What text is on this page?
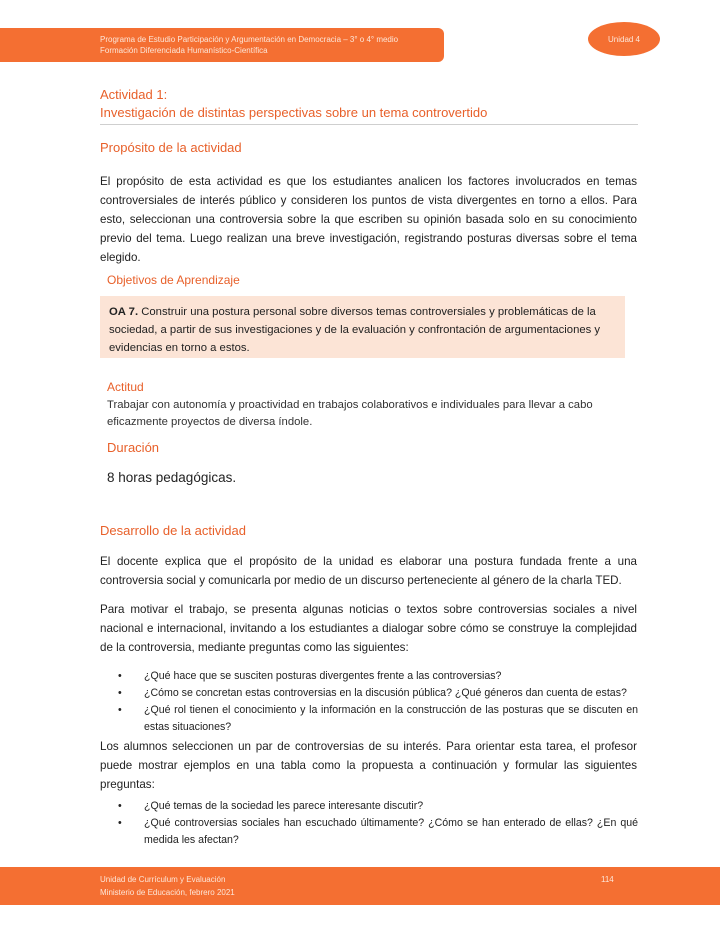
Programa de Estudio Participación y Argumentación en Democracia – 3° o 4° medio
Formación Diferenciada Humanístico-Científica
Unidad 4
Actividad 1:
Investigación de distintas perspectivas sobre un tema controvertido
Propósito de la actividad
El propósito de esta actividad es que los estudiantes analicen los factores involucrados en temas controversiales de interés público y consideren los puntos de vista divergentes en torno a ellos. Para esto, seleccionan una controversia sobre la que escriben su opinión basada solo en su conocimiento previo del tema. Luego realizan una breve investigación, registrando posturas diversas sobre el tema elegido.
Objetivos de Aprendizaje
OA 7. Construir una postura personal sobre diversos temas controversiales y problemáticas de la sociedad, a partir de sus investigaciones y de la evaluación y confrontación de argumentaciones y evidencias en torno a estos.
Actitud
Trabajar con autonomía y proactividad en trabajos colaborativos e individuales para llevar a cabo eficazmente proyectos de diversa índole.
Duración
8 horas pedagógicas.
Desarrollo de la actividad
El docente explica que el propósito de la unidad es elaborar una postura fundada frente a una controversia social y comunicarla por medio de un discurso perteneciente al género de la charla TED.
Para motivar el trabajo, se presenta algunas noticias o textos sobre controversias sociales a nivel nacional e internacional, invitando a los estudiantes a dialogar sobre cómo se construye la complejidad de la controversia, mediante preguntas como las siguientes:
• ¿Qué hace que se susciten posturas divergentes frente a las controversias?
• ¿Cómo se concretan estas controversias en la discusión pública? ¿Qué géneros dan cuenta de estas?
• ¿Qué rol tienen el conocimiento y la información en la construcción de las posturas que se discuten en estas situaciones?
Los alumnos seleccionen un par de controversias de su interés. Para orientar esta tarea, el profesor puede mostrar ejemplos en una tabla como la propuesta a continuación y formular las siguientes preguntas:
• ¿Qué temas de la sociedad les parece interesante discutir?
• ¿Qué controversias sociales han escuchado últimamente? ¿Cómo se han enterado de ellas? ¿En qué medida les afectan?
Unidad de Currículum y Evaluación
Ministerio de Educación, febrero 2021
114
